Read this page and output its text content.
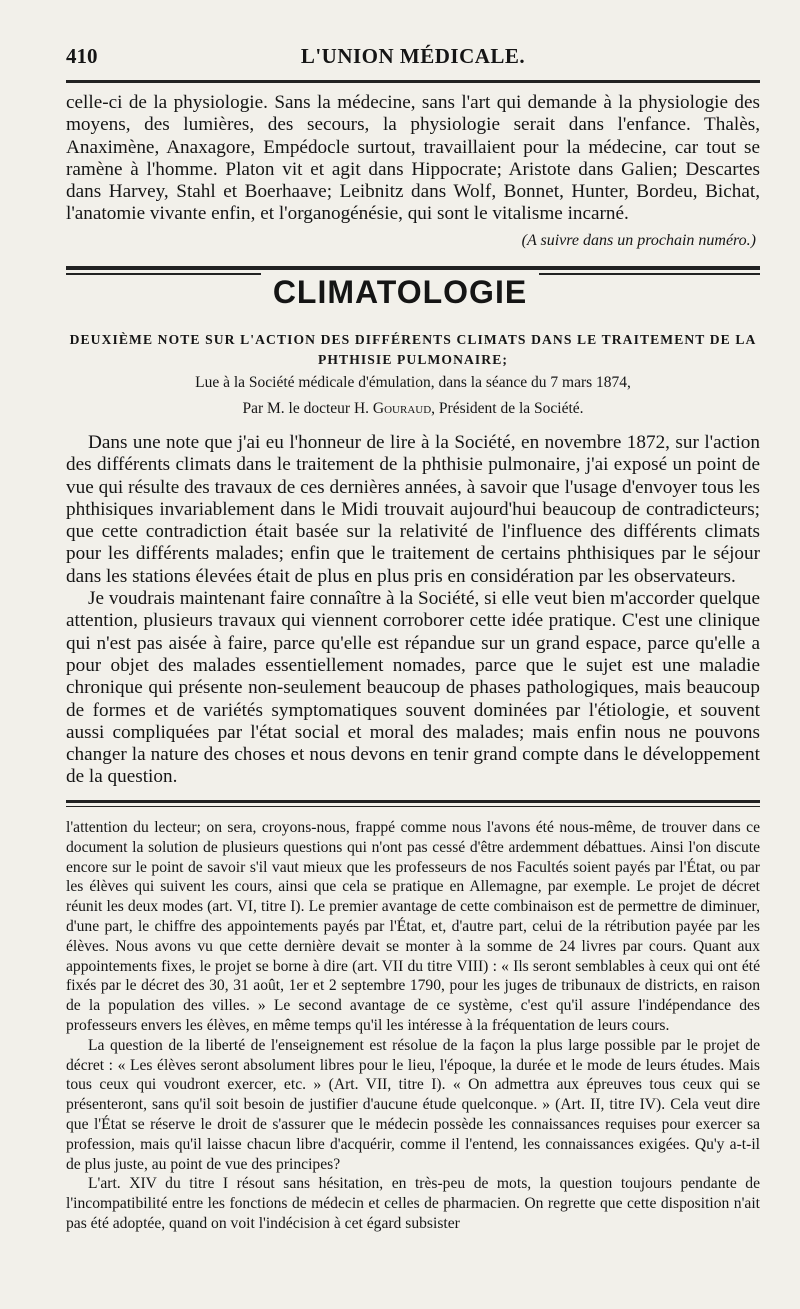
410	L'UNION MÉDICALE.

celle-ci de la physiologie. Sans la médecine, sans l'art qui demande à la physiologie des moyens, des lumières, des secours, la physiologie serait dans l'enfance. Thalès, Anaximène, Anaxagore, Empédocle surtout, travaillaient pour la médecine, car tout se ramène à l'homme. Platon vit et agit dans Hippocrate; Aristote dans Galien; Descartes dans Harvey, Stahl et Boerhaave; Leibnitz dans Wolf, Bonnet, Hunter, Bordeu, Bichat, l'anatomie vivante enfin, et l'organogénésie, qui sont le vitalisme incarné.

(A suivre dans un prochain numéro.)
CLIMATOLOGIE
DEUXIÈME NOTE SUR L'ACTION DES DIFFÉRENTS CLIMATS DANS LE TRAITEMENT DE LA PHTHISIE PULMONAIRE;
Lue à la Société médicale d'émulation, dans la séance du 7 mars 1874,
Par M. le docteur H. Gouraud, Président de la Société.

Dans une note que j'ai eu l'honneur de lire à la Société, en novembre 1872, sur l'action des différents climats dans le traitement de la phthisie pulmonaire, j'ai exposé un point de vue qui résulte des travaux de ces dernières années, à savoir que l'usage d'envoyer tous les phthisiques invariablement dans le Midi trouvait aujourd'hui beaucoup de contradicteurs; que cette contradiction était basée sur la relativité de l'influence des différents climats pour les différents malades; enfin que le traitement de certains phthisiques par le séjour dans les stations élevées était de plus en plus pris en considération par les observateurs.

Je voudrais maintenant faire connaître à la Société, si elle veut bien m'accorder quelque attention, plusieurs travaux qui viennent corroborer cette idée pratique. C'est une clinique qui n'est pas aisée à faire, parce qu'elle est répandue sur un grand espace, parce qu'elle a pour objet des malades essentiellement nomades, parce que le sujet est une maladie chronique qui présente non-seulement beaucoup de phases pathologiques, mais beaucoup de formes et de variétés symptomatiques souvent dominées par l'étiologie, et souvent aussi compliquées par l'état social et moral des malades; mais enfin nous ne pouvons changer la nature des choses et nous devons en tenir grand compte dans le développement de la question.

l'attention du lecteur; on sera, croyons-nous, frappé comme nous l'avons été nous-même, de trouver dans ce document la solution de plusieurs questions qui n'ont pas cessé d'être ardemment débattues. Ainsi l'on discute encore sur le point de savoir s'il vaut mieux que les professeurs de nos Facultés soient payés par l'État, ou par les élèves qui suivent les cours, ainsi que cela se pratique en Allemagne, par exemple. Le projet de décret réunit les deux modes (art. VI, titre I). Le premier avantage de cette combinaison est de permettre de diminuer, d'une part, le chiffre des appointements payés par l'État, et, d'autre part, celui de la rétribution payée par les élèves. Nous avons vu que cette dernière devait se monter à la somme de 24 livres par cours. Quant aux appointements fixes, le projet se borne à dire (art. VII du titre VIII) : « Ils seront semblables à ceux qui ont été fixés par le décret des 30, 31 août, 1er et 2 septembre 1790, pour les juges de tribunaux de districts, en raison de la population des villes. » Le second avantage de ce système, c'est qu'il assure l'indépendance des professeurs envers les élèves, en même temps qu'il les intéresse à la fréquentation de leurs cours.

La question de la liberté de l'enseignement est résolue de la façon la plus large possible par le projet de décret : « Les élèves seront absolument libres pour le lieu, l'époque, la durée et le mode de leurs études. Mais tous ceux qui voudront exercer, etc. » (Art. VII, titre I). « On admettra aux épreuves tous ceux qui se présenteront, sans qu'il soit besoin de justifier d'aucune étude quelconque. » (Art. II, titre IV). Cela veut dire que l'État se réserve le droit de s'assurer que le médecin possède les connaissances requises pour exercer sa profession, mais qu'il laisse chacun libre d'acquérir, comme il l'entend, les connaissances exigées. Qu'y a-t-il de plus juste, au point de vue des principes?

L'art. XIV du titre I résout sans hésitation, en très-peu de mots, la question toujours pendante de l'incompatibilité entre les fonctions de médecin et celles de pharmacien. On regrette que cette disposition n'ait pas été adoptée, quand on voit l'indécision à cet égard subsister
